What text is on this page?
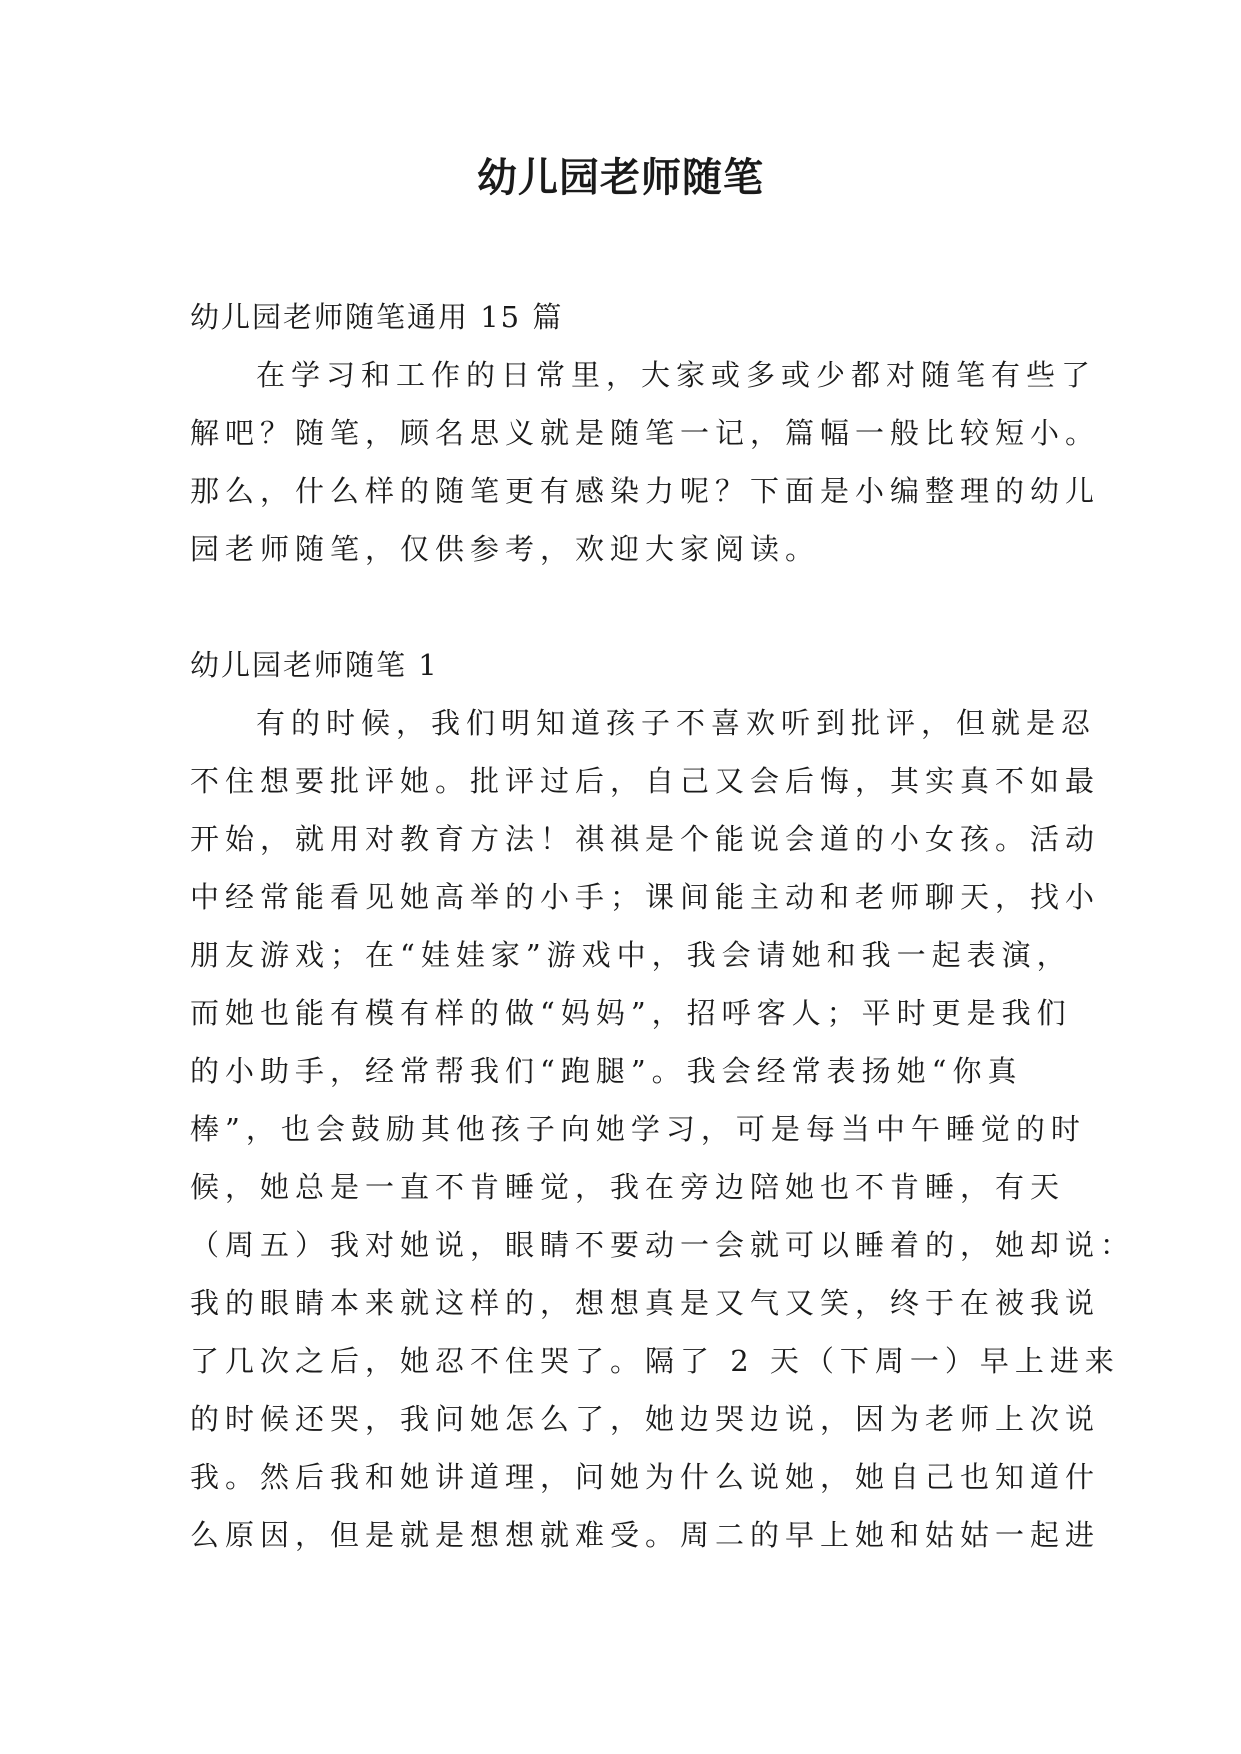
幼儿园老师随笔
幼儿园老师随笔通用 15 篇
在学习和工作的日常里，大家或多或少都对随笔有些了
解吧？随笔，顾名思义就是随笔一记，篇幅一般比较短小。
那么，什么样的随笔更有感染力呢？下面是小编整理的幼儿
园老师随笔，仅供参考，欢迎大家阅读。
幼儿园老师随笔 1
有的时候，我们明知道孩子不喜欢听到批评，但就是忍
不住想要批评她。批评过后，自己又会后悔，其实真不如最
开始，就用对教育方法！祺祺是个能说会道的小女孩。活动
中经常能看见她高举的小手；课间能主动和老师聊天，找小
朋友游戏；在“娃娃家”游戏中，我会请她和我一起表演，
而她也能有模有样的做“妈妈”，招呼客人；平时更是我们
的小助手，经常帮我们“跑腿”。我会经常表扬她“你真
棒”，也会鼓励其他孩子向她学习，可是每当中午睡觉的时
候，她总是一直不肯睡觉，我在旁边陪她也不肯睡，有天
（周五）我对她说，眼睛不要动一会就可以睡着的，她却说：
我的眼睛本来就这样的，想想真是又气又笑，终于在被我说
了几次之后，她忍不住哭了。隔了 2 天（下周一）早上进来
的时候还哭，我问她怎么了，她边哭边说，因为老师上次说
我。然后我和她讲道理，问她为什么说她，她自己也知道什
么原因，但是就是想想就难受。周二的早上她和姑姑一起进
